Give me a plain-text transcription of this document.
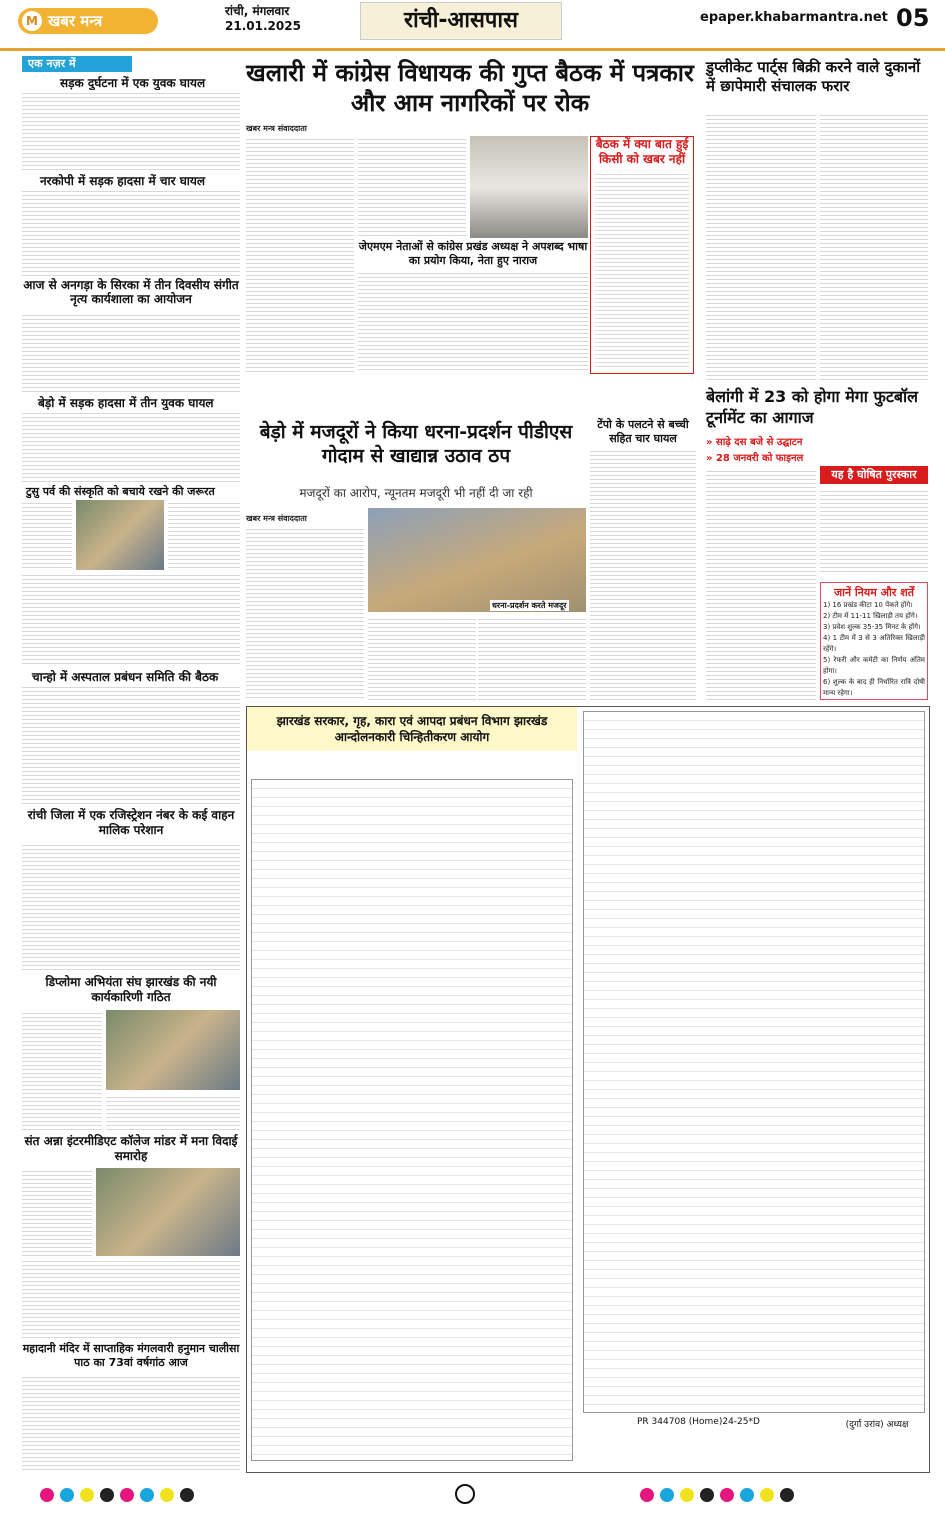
M खबर मन्त्र
रांची, मंगलवार
21.01.2025	रांची-आसपास	epaper.khabarmantra.net 05
एक नज़र में
सड़क दुर्घटना में एक युवक घायल
नरकोपी में सड़क हादसा में चार घायल
आज से अनगड़ा के सिरका में तीन दिवसीय संगीत नृत्य कार्यशाला का आयोजन
बेड़ो में सड़क हादसा में तीन युवक घायल
टुसु पर्व की संस्कृति को बचाये रखने की जरूरत
चान्हो में अस्पताल प्रबंधन समिति की बैठक
रांची जिला में एक रजिस्ट्रेशन नंबर के कई वाहन मालिक परेशान
डिप्लोमा अभियंता संघ झारखंड की नयी कार्यकारिणी गठित
संत अन्ना इंटरमीडिएट कॉलेज मांडर में मना विदाई समारोह
महादानी मंदिर में साप्ताहिक मंगलवारी हनुमान चालीसा पाठ का 73वां वर्षगांठ आज
खलारी में कांग्रेस विधायक की गुप्त बैठक में पत्रकार और आम नागरिकों पर रोक
खबर मन्त्र संवाददाता
बैठक में क्या बात हुई किसी को खबर नहीं
जेएमएम नेताओं से कांग्रेस प्रखंड अध्यक्ष ने अपशब्द भाषा का प्रयोग किया, नेता हुए नाराज
डुप्लीकेट पार्ट्स बिक्री करने वाले दुकानों में छापेमारी संचालक फरार
बेड़ो में मजदूरों ने किया धरना-प्रदर्शन पीडीएस गोदाम से खाद्यान्न उठाव ठप
मजदूरों का आरोप, न्यूनतम मजदूरी भी नहीं दी जा रही
खबर मन्त्र संवाददाता
धरना-प्रदर्शन करते मजदूर
टेंपो के पलटने से बच्ची सहित चार घायल
बेलांगी में 23 को होगा मेगा फुटबॉल टूर्नामेंट का आगाज
» साढ़े दस बजे से उद्घाटन
» 28 जनवरी को फाइनल
यह है घोषित पुरस्कार
जानें नियम और शर्तें
1) 16 प्रखंड कीटा 10 पेंकते होंगे।
2) टीम में 11-11 खिलाड़ी तय होंगे।
3) प्रवेश शुल्क 35-35 मिनट के होंगे।
4) 1 टीम में 3 से 3 अतिरिक्त खिलाड़ी रहेंगे।
5) रेफरी और कमेटी का निर्णय अंतिम होगा।
6) शुल्क के बाद ही निर्धारित रात्रि दोषी मान्य रहेगा।
झारखंड सरकार, गृह, कारा एवं आपदा प्रबंधन विभाग झारखंड आन्दोलनकारी चिन्हितीकरण आयोग
PR 344708 (Home)24-25*D	(दुर्गा उरांव) अध्यक्ष
